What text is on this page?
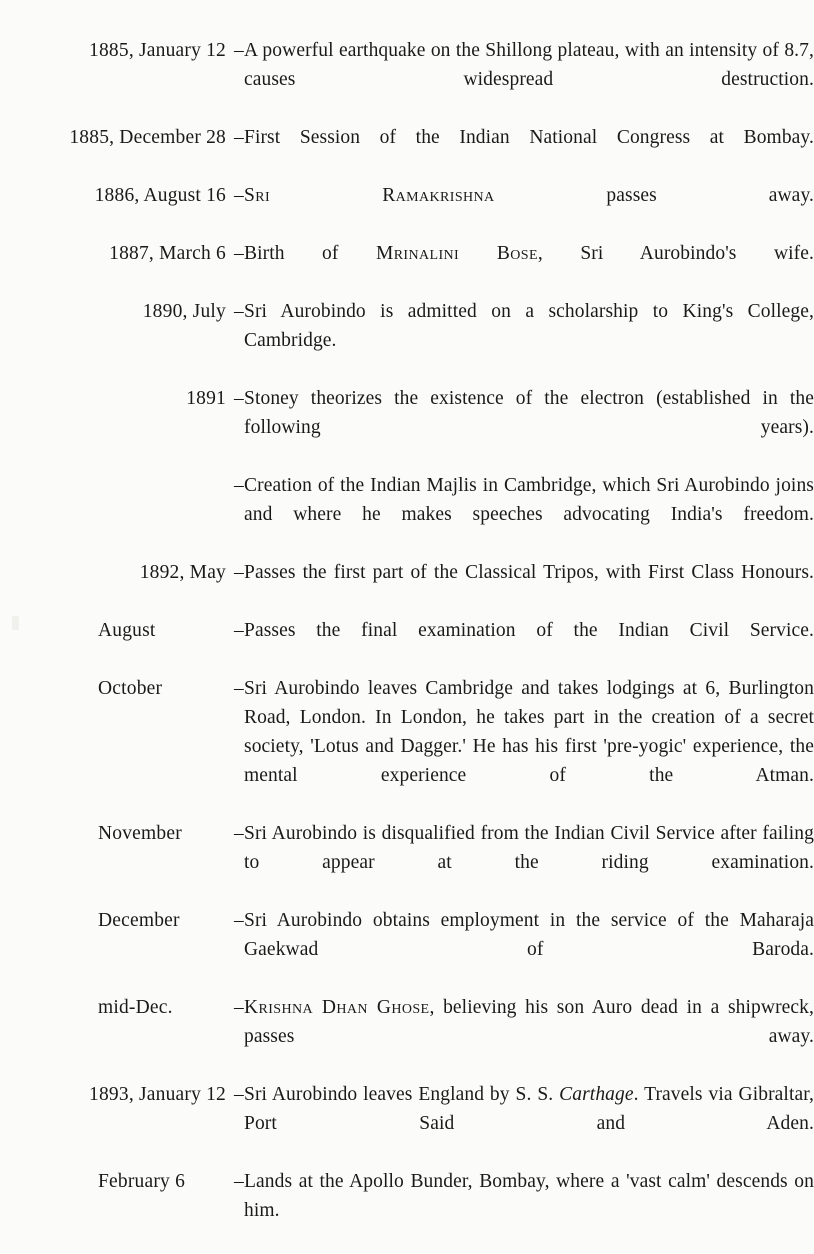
1885, January 12 – A powerful earthquake on the Shillong plateau, with an intensity of 8.7, causes widespread destruction.
1885, December 28 – First Session of the Indian National Congress at Bombay.
1886, August 16 – Sri Ramakrishna passes away.
1887, March 6 – Birth of Mrinalini Bose, Sri Aurobindo's wife.
1890, July – Sri Aurobindo is admitted on a scholarship to King's College, Cambridge.
1891 – Stoney theorizes the existence of the electron (established in the following years).
– Creation of the Indian Majlis in Cambridge, which Sri Aurobindo joins and where he makes speeches advocating India's freedom.
1892, May – Passes the first part of the Classical Tripos, with First Class Honours.
August	– Passes the final examination of the Indian Civil Service.
October	– Sri Aurobindo leaves Cambridge and takes lodgings at 6, Burlington Road, London. In London, he takes part in the creation of a secret society, 'Lotus and Dagger.' He has his first 'pre-yogic' experience, the mental experience of the Atman.
November	– Sri Aurobindo is disqualified from the Indian Civil Service after failing to appear at the riding examination.
December	– Sri Aurobindo obtains employment in the service of the Maharaja Gaekwad of Baroda.
mid-Dec.	– Krishna Dhan Ghose, believing his son Auro dead in a shipwreck, passes away.
1893, January 12 – Sri Aurobindo leaves England by S. S. Carthage. Travels via Gibraltar, Port Said and Aden.
February 6	– Lands at the Apollo Bunder, Bombay, where a 'vast calm' descends on him.
